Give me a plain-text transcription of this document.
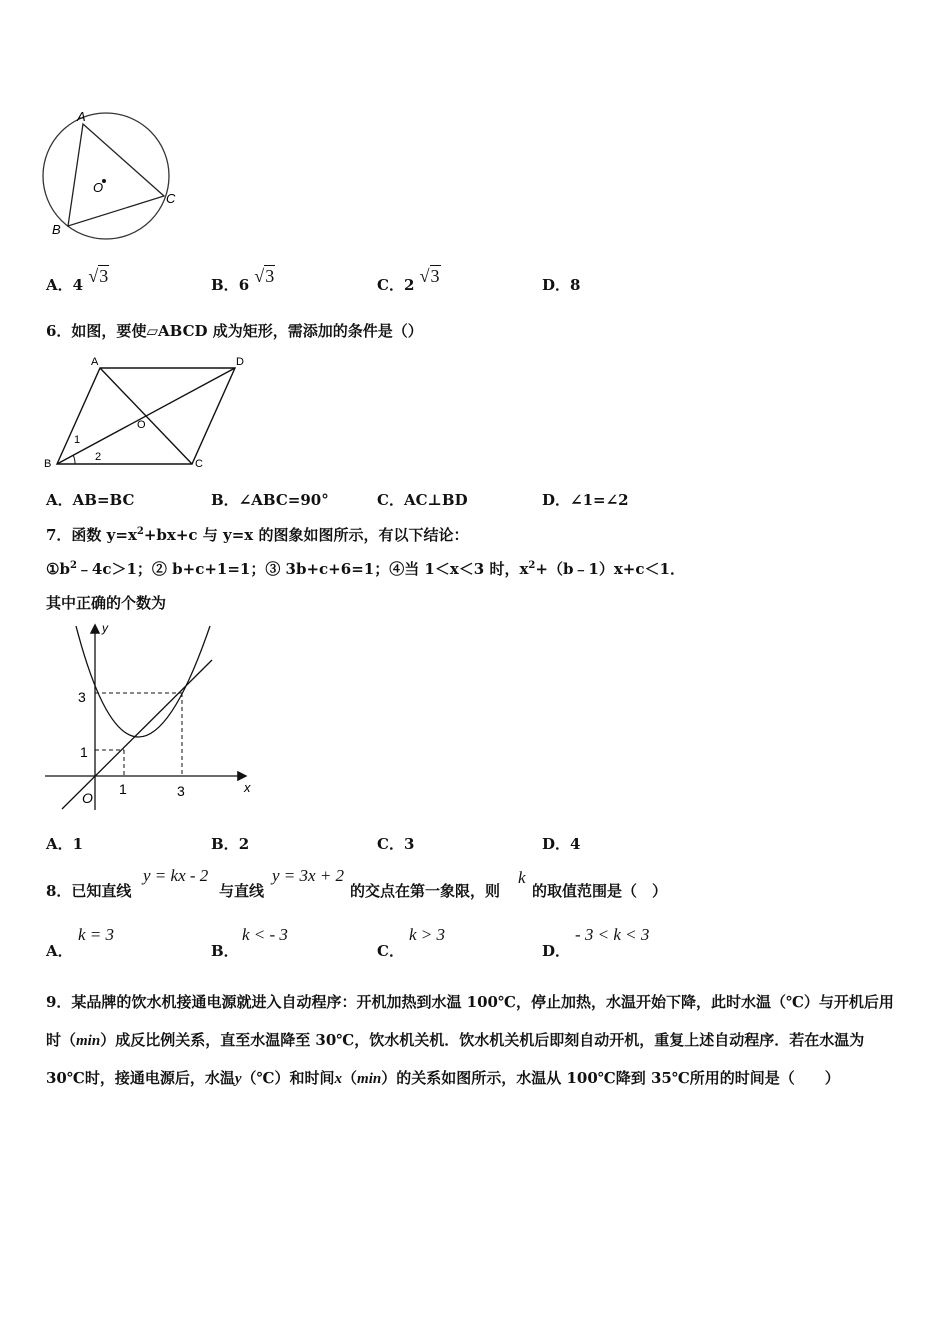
A
B
C
O
A．4 √3	B．6 √3	C．2 √3	D．8
6．如图，要使▱ABCD 成为矩形，需添加的条件是（）
A	D
B	C
O
1
2
A．AB=BC	B．∠ABC=90°	C．AC⊥BD	D．∠1=∠2
7．函数 $y=x^2+bx+c$ 与 y=x 的图象如图所示，有以下结论：
$①b^2﹣4c>1$；② b+c+1=1；③ 3b+c+6=1；④当 1＜x＜3 时，$x^2+(b﹣1)x+c<1$．
其中正确的个数为
y
x
O
1	3
3
1
A．1	B．2	C．3	D．4
8．已知直线
y = kx - 2
与直线
y = 3x + 2
的交点在第一象限，则
k
的取值范围是（　）
A．
k = 3
B．
k < - 3
C．
k > 3
D．
- 3 < k < 3
9．某品牌的饮水机接通电源就进入自动程序：开机加热到水温 100℃，停止加热，水温开始下降，此时水温（℃）与开机后用时（min）成反比例关系，直至水温降至 30℃，饮水机关机．饮水机关机后即刻自动开机，重复上述自动程序．若在水温为 30℃时，接通电源后，水温y（℃）和时间x（min）的关系如图所示，水温从 100℃降到 35℃所用的时间是（　　）
